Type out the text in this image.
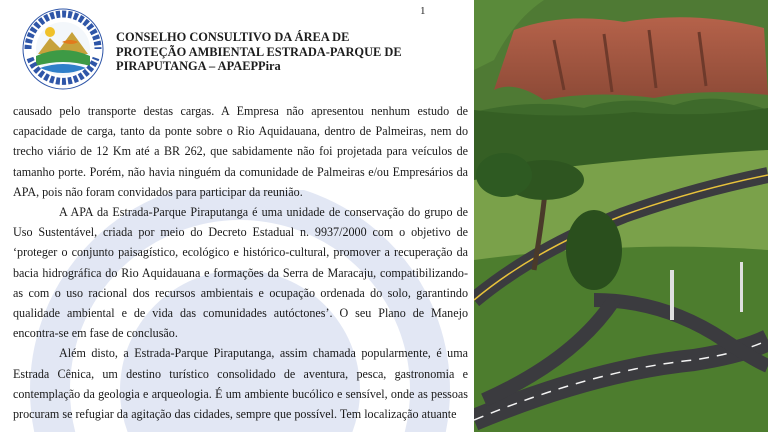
CONSELHO CONSULTIVO DA ÁREA DE
PROTEÇÃO AMBIENTAL ESTRADA-PARQUE DE
PIRAPUTANGA – APAEPPira
1

causado pelo transporte destas cargas. A Empresa não apresentou nenhum estudo de capacidade de carga, tanto da ponte sobre o Rio Aquidauana, dentro de Palmeiras, nem do trecho viário de 12 Km até a BR 262, que sabidamente não foi projetada para veículos de tamanho porte. Porém, não havia ninguém da comunidade de Palmeiras e/ou Empresários da APA, pois não foram convidados para participar da reunião.

A APA da Estrada-Parque Piraputanga é uma unidade de conservação do grupo de Uso Sustentável, criada por meio do Decreto Estadual n. 9937/2000 com o objetivo de ‘proteger o conjunto paisagístico, ecológico e histórico-cultural, promover a recuperação da bacia hidrográfica do Rio Aquidauana e formações da Serra de Maracaju, compatibilizando-as com o uso racional dos recursos ambientais e ocupação ordenada do solo, garantindo qualidade ambiental e de vida das comunidades autóctones’. O seu Plano de Manejo encontra-se em fase de conclusão.

Além disto, a Estrada-Parque Piraputanga, assim chamada popularmente, é uma Estrada Cênica, um destino turístico consolidado de aventura, pesca, gastronomia e contemplação da geologia e arqueologia. É um ambiente bucólico e sensível, onde as pessoas procuram se refugiar da agitação das cidades, sempre que possível. Tem localização atuante
